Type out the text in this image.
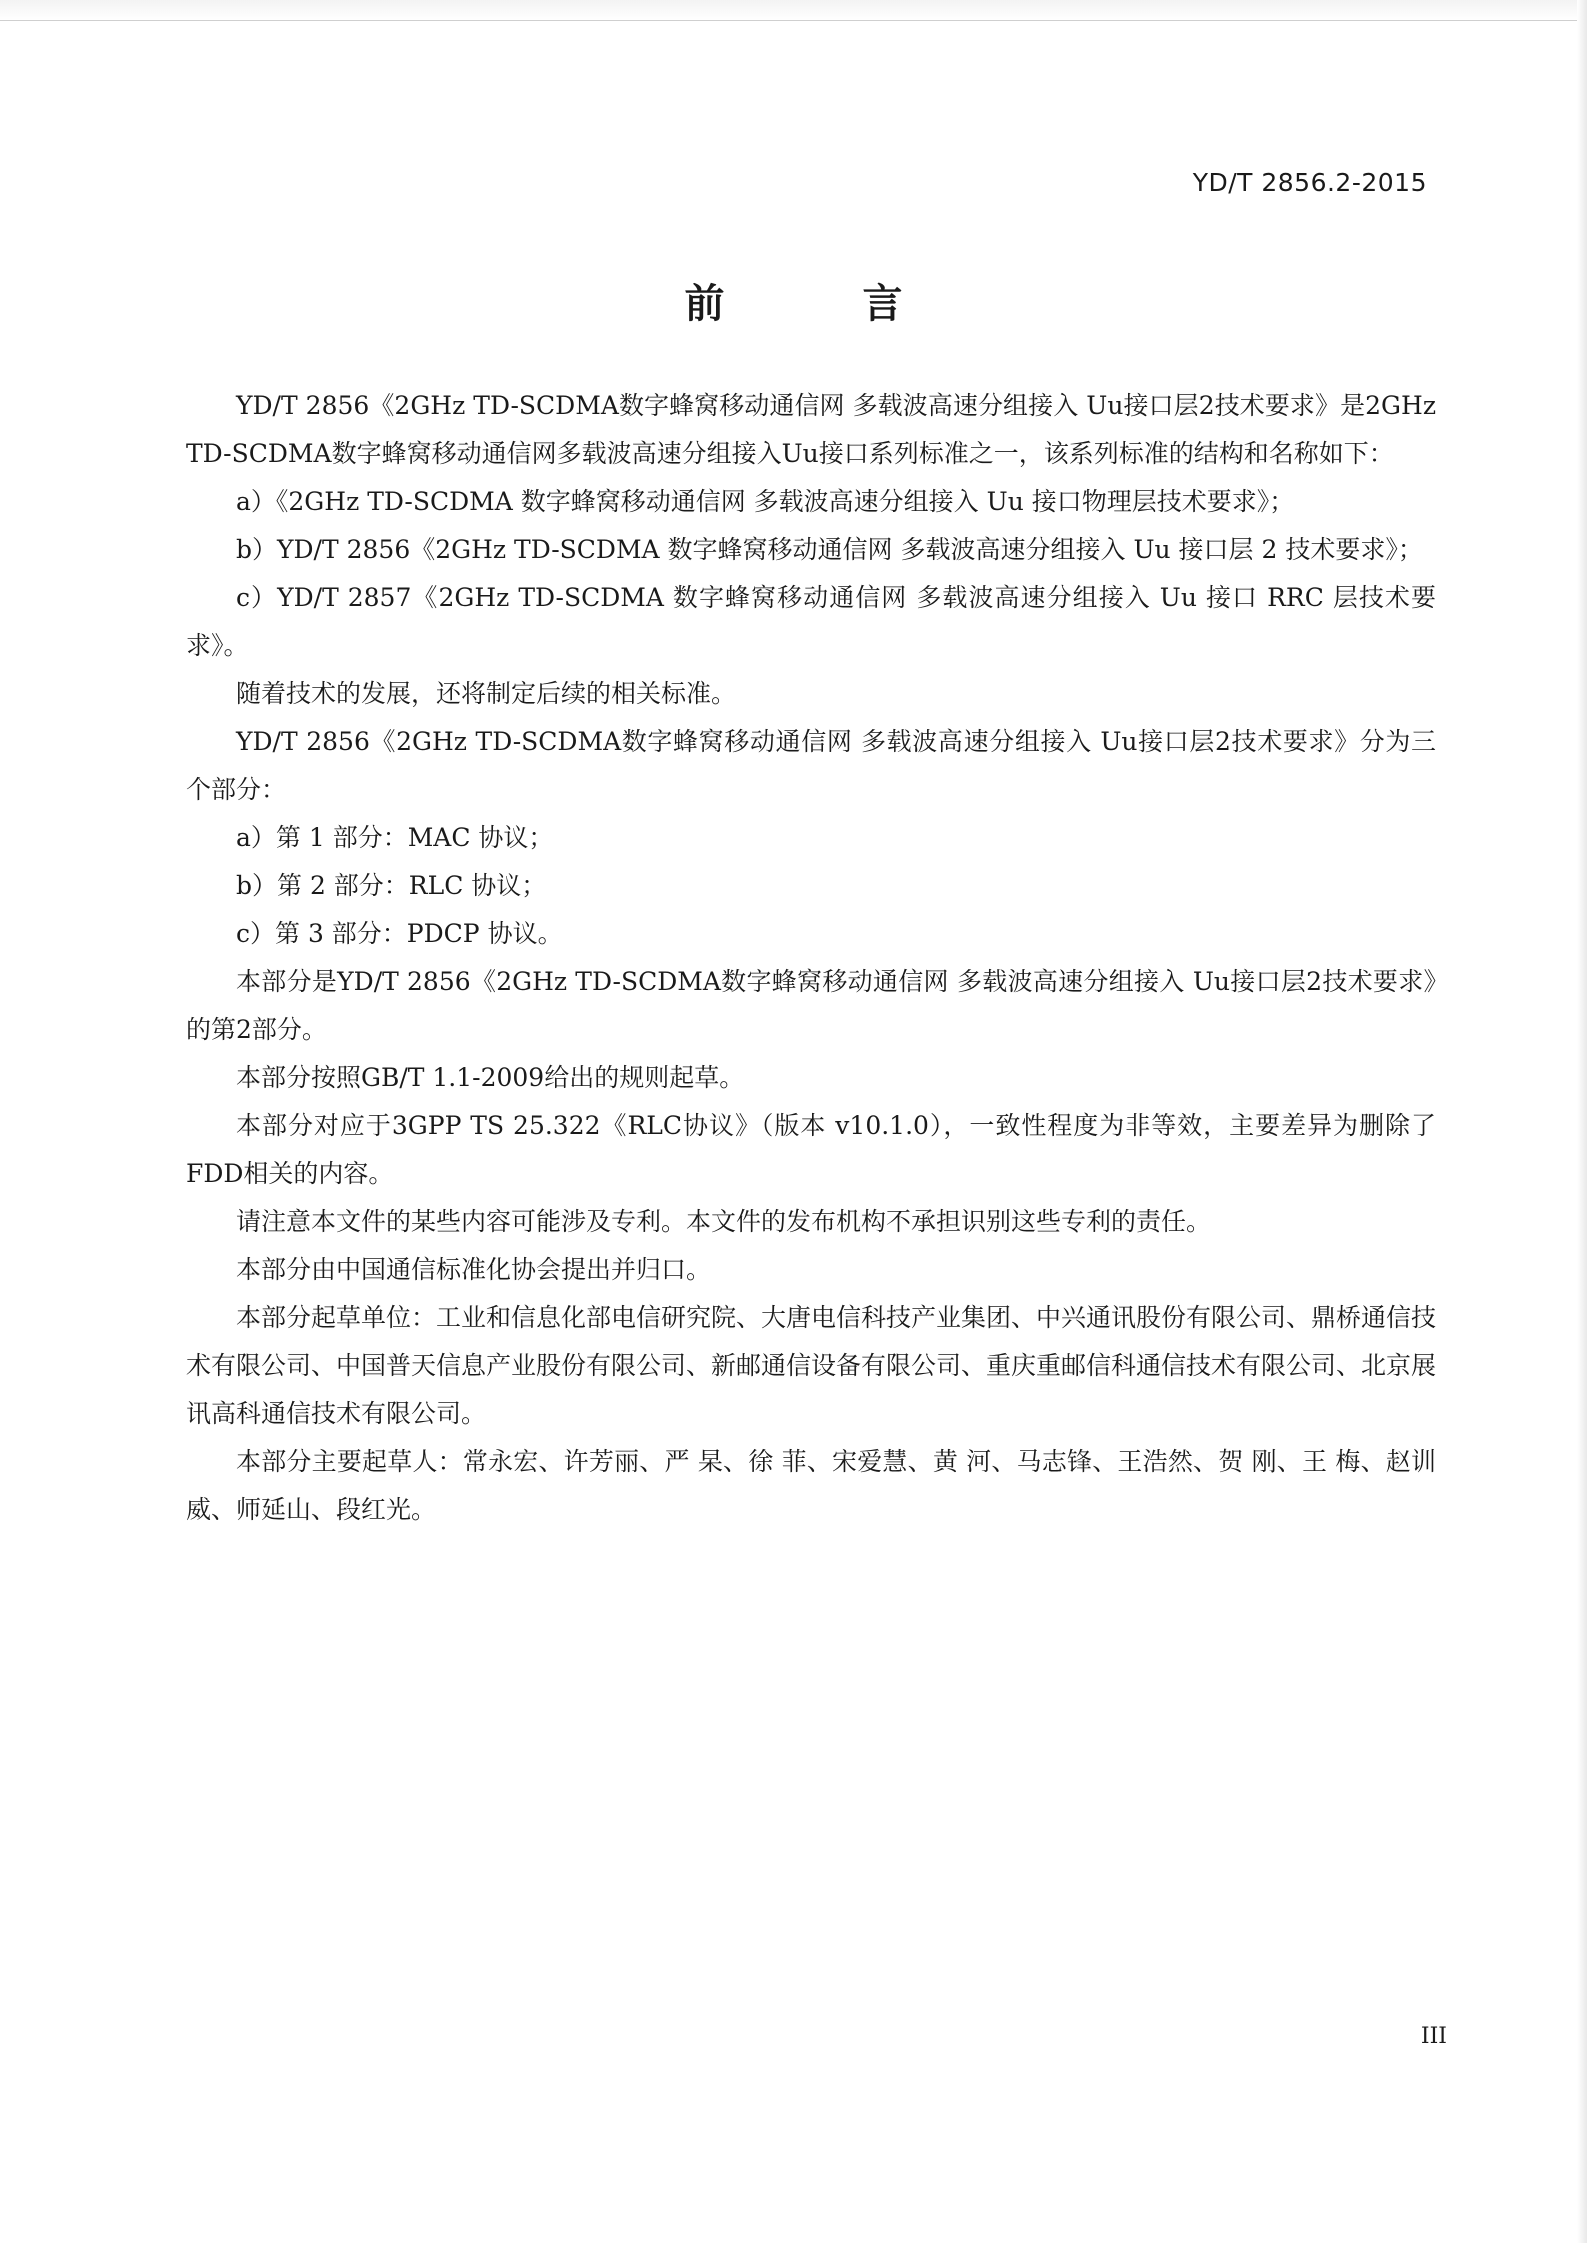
YD/T 2856.2-2015
前 言

YD/T 2856《2GHz TD-SCDMA数字蜂窝移动通信网 多载波高速分组接入 Uu接口层2技术要求》是2GHz TD-SCDMA数字蜂窝移动通信网多载波高速分组接入Uu接口系列标准之一，该系列标准的结构和名称如下：

a）《2GHz TD-SCDMA 数字蜂窝移动通信网 多载波高速分组接入 Uu 接口物理层技术要求》；

b）YD/T 2856《2GHz TD-SCDMA 数字蜂窝移动通信网 多载波高速分组接入 Uu 接口层 2 技术要求》；

c）YD/T 2857《2GHz TD-SCDMA 数字蜂窝移动通信网 多载波高速分组接入 Uu 接口 RRC 层技术要求》。

随着技术的发展，还将制定后续的相关标准。

YD/T 2856《2GHz TD-SCDMA数字蜂窝移动通信网 多载波高速分组接入 Uu接口层2技术要求》分为三个部分：

a）第 1 部分：MAC 协议；

b）第 2 部分：RLC 协议；

c）第 3 部分：PDCP 协议。

本部分是YD/T 2856《2GHz TD-SCDMA数字蜂窝移动通信网 多载波高速分组接入 Uu接口层2技术要求》的第2部分。

本部分按照GB/T 1.1-2009给出的规则起草。

本部分对应于3GPP TS 25.322《RLC协议》（版本 v10.1.0），一致性程度为非等效，主要差异为删除了FDD相关的内容。

请注意本文件的某些内容可能涉及专利。本文件的发布机构不承担识别这些专利的责任。

本部分由中国通信标准化协会提出并归口。

本部分起草单位：工业和信息化部电信研究院、大唐电信科技产业集团、中兴通讯股份有限公司、鼎桥通信技术有限公司、中国普天信息产业股份有限公司、新邮通信设备有限公司、重庆重邮信科通信技术有限公司、北京展讯高科通信技术有限公司。

本部分主要起草人：常永宏、许芳丽、严 杲、徐 菲、宋爱慧、黄 河、马志锋、王浩然、贺 刚、王 梅、赵训威、师延山、段红光。

III
